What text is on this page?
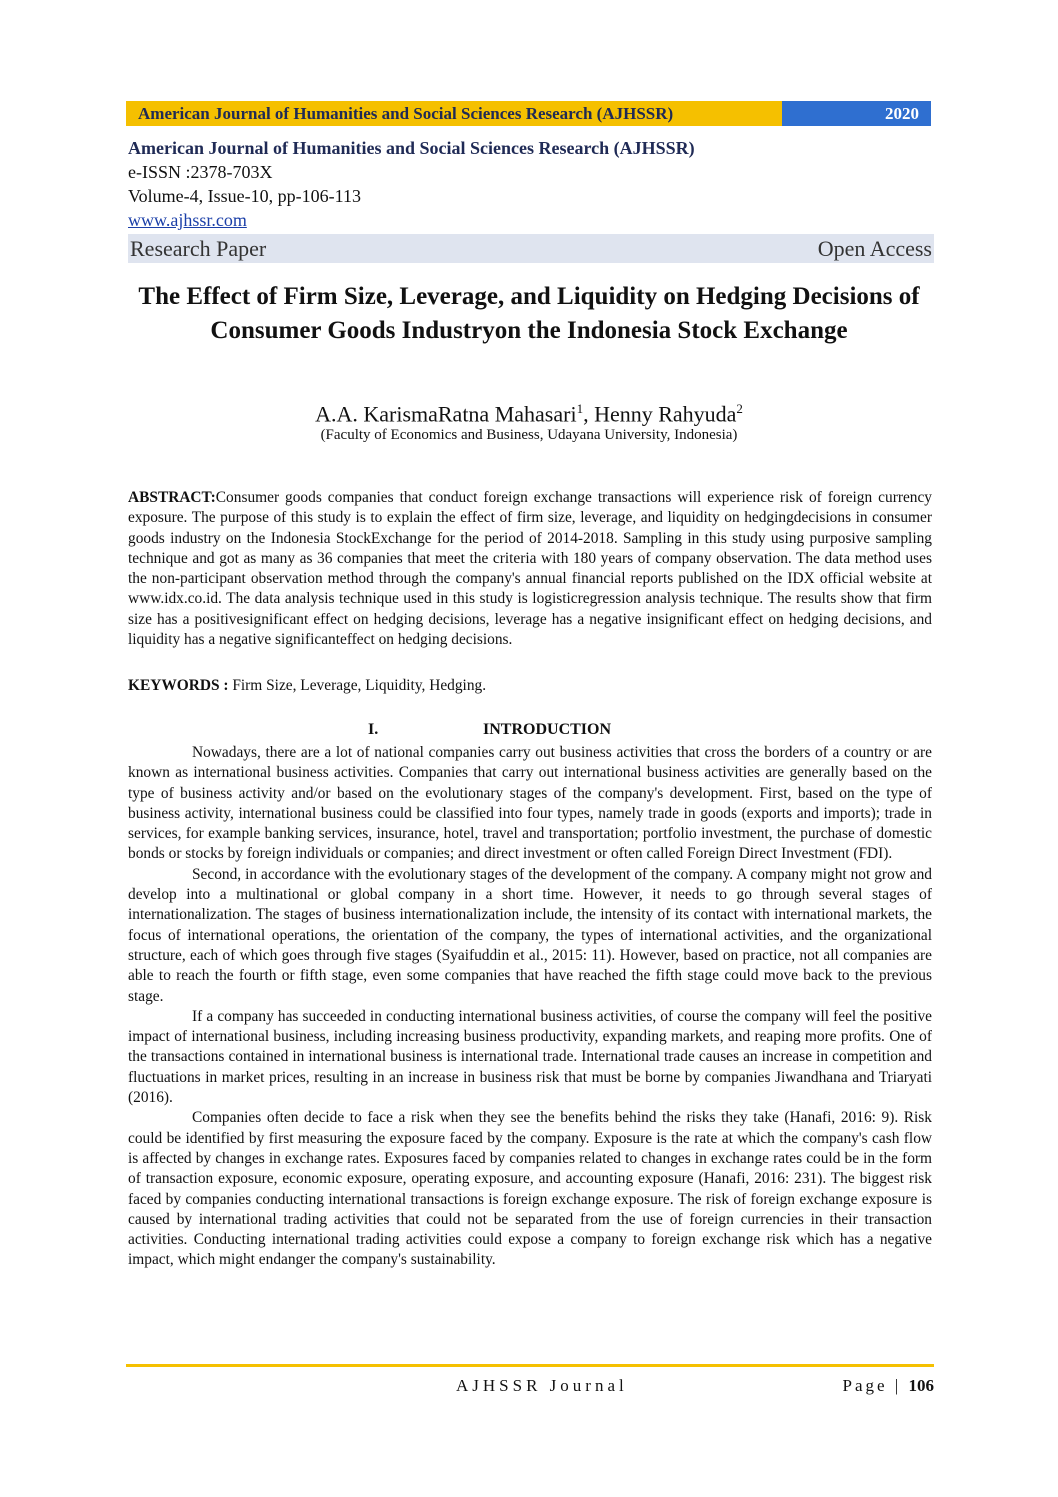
American Journal of Humanities and Social Sciences Research (AJHSSR)	2020
American Journal of Humanities and Social Sciences Research (AJHSSR)
e-ISSN :2378-703X
Volume-4, Issue-10, pp-106-113
www.ajhssr.com
Research Paper	Open Access
The Effect of Firm Size, Leverage, and Liquidity on Hedging Decisions of Consumer Goods Industryon the Indonesia Stock Exchange
A.A. KarismaRatna Mahasari$^1$, Henny Rahyuda$^2$
(Faculty of Economics and Business, Udayana University, Indonesia)
ABSTRACT:Consumer goods companies that conduct foreign exchange transactions will experience risk of foreign currency exposure. The purpose of this study is to explain the effect of firm size, leverage, and liquidity on hedgingdecisions in consumer goods industry on the Indonesia StockExchange for the period of 2014-2018. Sampling in this study using purposive sampling technique and got as many as 36 companies that meet the criteria with 180 years of company observation. The data method uses the non-participant observation method through the company's annual financial reports published on the IDX official website at www.idx.co.id. The data analysis technique used in this study is logisticregression analysis technique. The results show that firm size has a positivesignificant effect on hedging decisions, leverage has a negative insignificant effect on hedging decisions, and liquidity has a negative significanteffect on hedging decisions.
KEYWORDS : Firm Size, Leverage, Liquidity, Hedging.
I.	INTRODUCTION

Nowadays, there are a lot of national companies carry out business activities that cross the borders of a country or are known as international business activities. Companies that carry out international business activities are generally based on the type of business activity and/or based on the evolutionary stages of the company's development. First, based on the type of business activity, international business could be classified into four types, namely trade in goods (exports and imports); trade in services, for example banking services, insurance, hotel, travel and transportation; portfolio investment, the purchase of domestic bonds or stocks by foreign individuals or companies; and direct investment or often called Foreign Direct Investment (FDI).

Second, in accordance with the evolutionary stages of the development of the company. A company might not grow and develop into a multinational or global company in a short time. However, it needs to go through several stages of internationalization. The stages of business internationalization include, the intensity of its contact with international markets, the focus of international operations, the orientation of the company, the types of international activities, and the organizational structure, each of which goes through five stages (Syaifuddin et al., 2015: 11). However, based on practice, not all companies are able to reach the fourth or fifth stage, even some companies that have reached the fifth stage could move back to the previous stage.

If a company has succeeded in conducting international business activities, of course the company will feel the positive impact of international business, including increasing business productivity, expanding markets, and reaping more profits. One of the transactions contained in international business is international trade. International trade causes an increase in competition and fluctuations in market prices, resulting in an increase in business risk that must be borne by companies Jiwandhana and Triaryati (2016).

Companies often decide to face a risk when they see the benefits behind the risks they take (Hanafi, 2016: 9). Risk could be identified by first measuring the exposure faced by the company. Exposure is the rate at which the company's cash flow is affected by changes in exchange rates. Exposures faced by companies related to changes in exchange rates could be in the form of transaction exposure, economic exposure, operating exposure, and accounting exposure (Hanafi, 2016: 231). The biggest risk faced by companies conducting international transactions is foreign exchange exposure. The risk of foreign exchange exposure is caused by international trading activities that could not be separated from the use of foreign currencies in their transaction activities. Conducting international trading activities could expose a company to foreign exchange risk which has a negative impact, which might endanger the company's sustainability.

AJHSSR Journal	Page | 106
